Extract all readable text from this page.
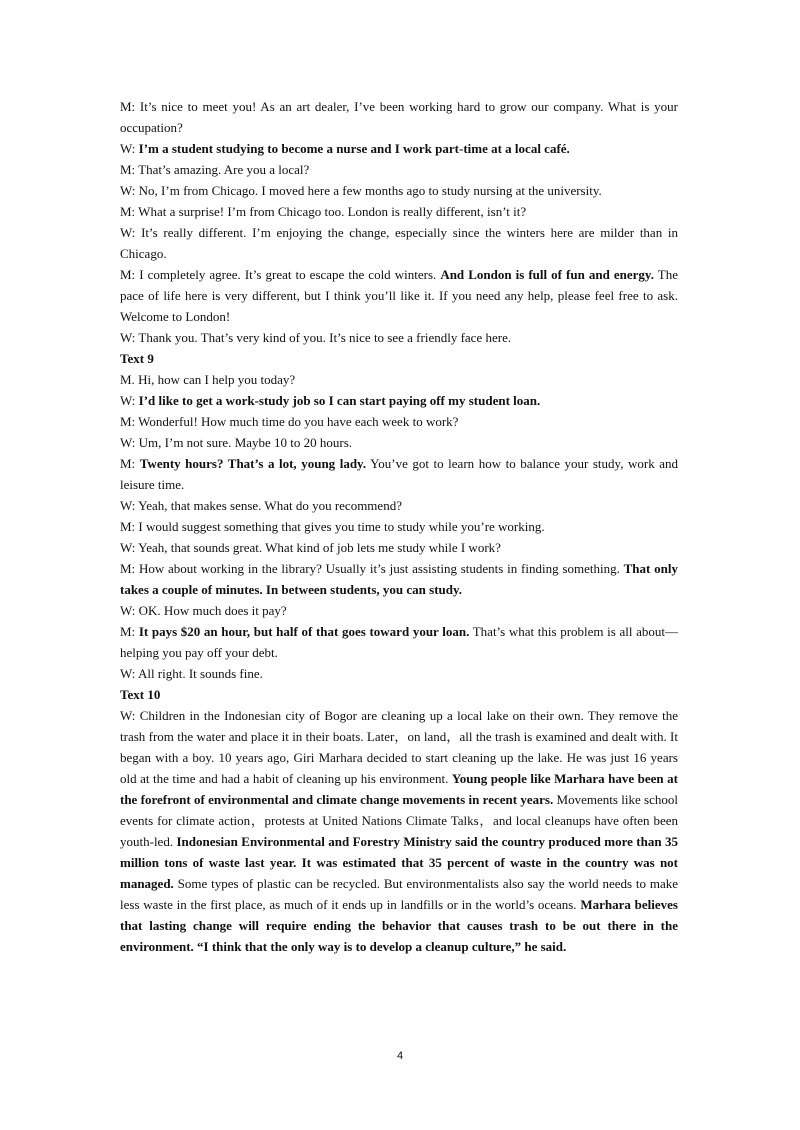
M: It’s nice to meet you! As an art dealer, I’ve been working hard to grow our company. What is your occupation?

W: I’m a student studying to become a nurse and I work part-time at a local café.

M: That’s amazing. Are you a local?

W: No, I’m from Chicago. I moved here a few months ago to study nursing at the university.

M: What a surprise! I’m from Chicago too. London is really different, isn’t it?

W: It’s really different. I’m enjoying the change, especially since the winters here are milder than in Chicago.

M: I completely agree. It’s great to escape the cold winters. And London is full of fun and energy. The pace of life here is very different, but I think you’ll like it. If you need any help, please feel free to ask. Welcome to London!

W: Thank you. That’s very kind of you. It’s nice to see a friendly face here.

Text 9

M. Hi, how can I help you today?

W: I’d like to get a work-study job so I can start paying off my student loan.

M: Wonderful! How much time do you have each week to work?

W: Um, I’m not sure. Maybe 10 to 20 hours.

M: Twenty hours? That’s a lot, young lady. You’ve got to learn how to balance your study, work and leisure time.

W: Yeah, that makes sense. What do you recommend?

M: I would suggest something that gives you time to study while you’re working.

W: Yeah, that sounds great. What kind of job lets me study while I work?

M: How about working in the library? Usually it’s just assisting students in finding something. That only takes a couple of minutes. In between students, you can study.

W: OK. How much does it pay?

M: It pays $20 an hour, but half of that goes toward your loan. That’s what this problem is all about—helping you pay off your debt.

W: All right. It sounds fine.

Text 10

W: Children in the Indonesian city of Bogor are cleaning up a local lake on their own. They remove the trash from the water and place it in their boats. Later，on land，all the trash is examined and dealt with. It began with a boy. 10 years ago, Giri Marhara decided to start cleaning up the lake. He was just 16 years old at the time and had a habit of cleaning up his environment. Young people like Marhara have been at the forefront of environmental and climate change movements in recent years. Movements like school events for climate action，protests at United Nations Climate Talks，and local cleanups have often been youth-led. Indonesian Environmental and Forestry Ministry said the country produced more than 35 million tons of waste last year. It was estimated that 35 percent of waste in the country was not managed. Some types of plastic can be recycled. But environmentalists also say the world needs to make less waste in the first place, as much of it ends up in landfills or in the world’s oceans. Marhara believes that lasting change will require ending the behavior that causes trash to be out there in the environment. “I think that the only way is to develop a cleanup culture,” he said.

4
